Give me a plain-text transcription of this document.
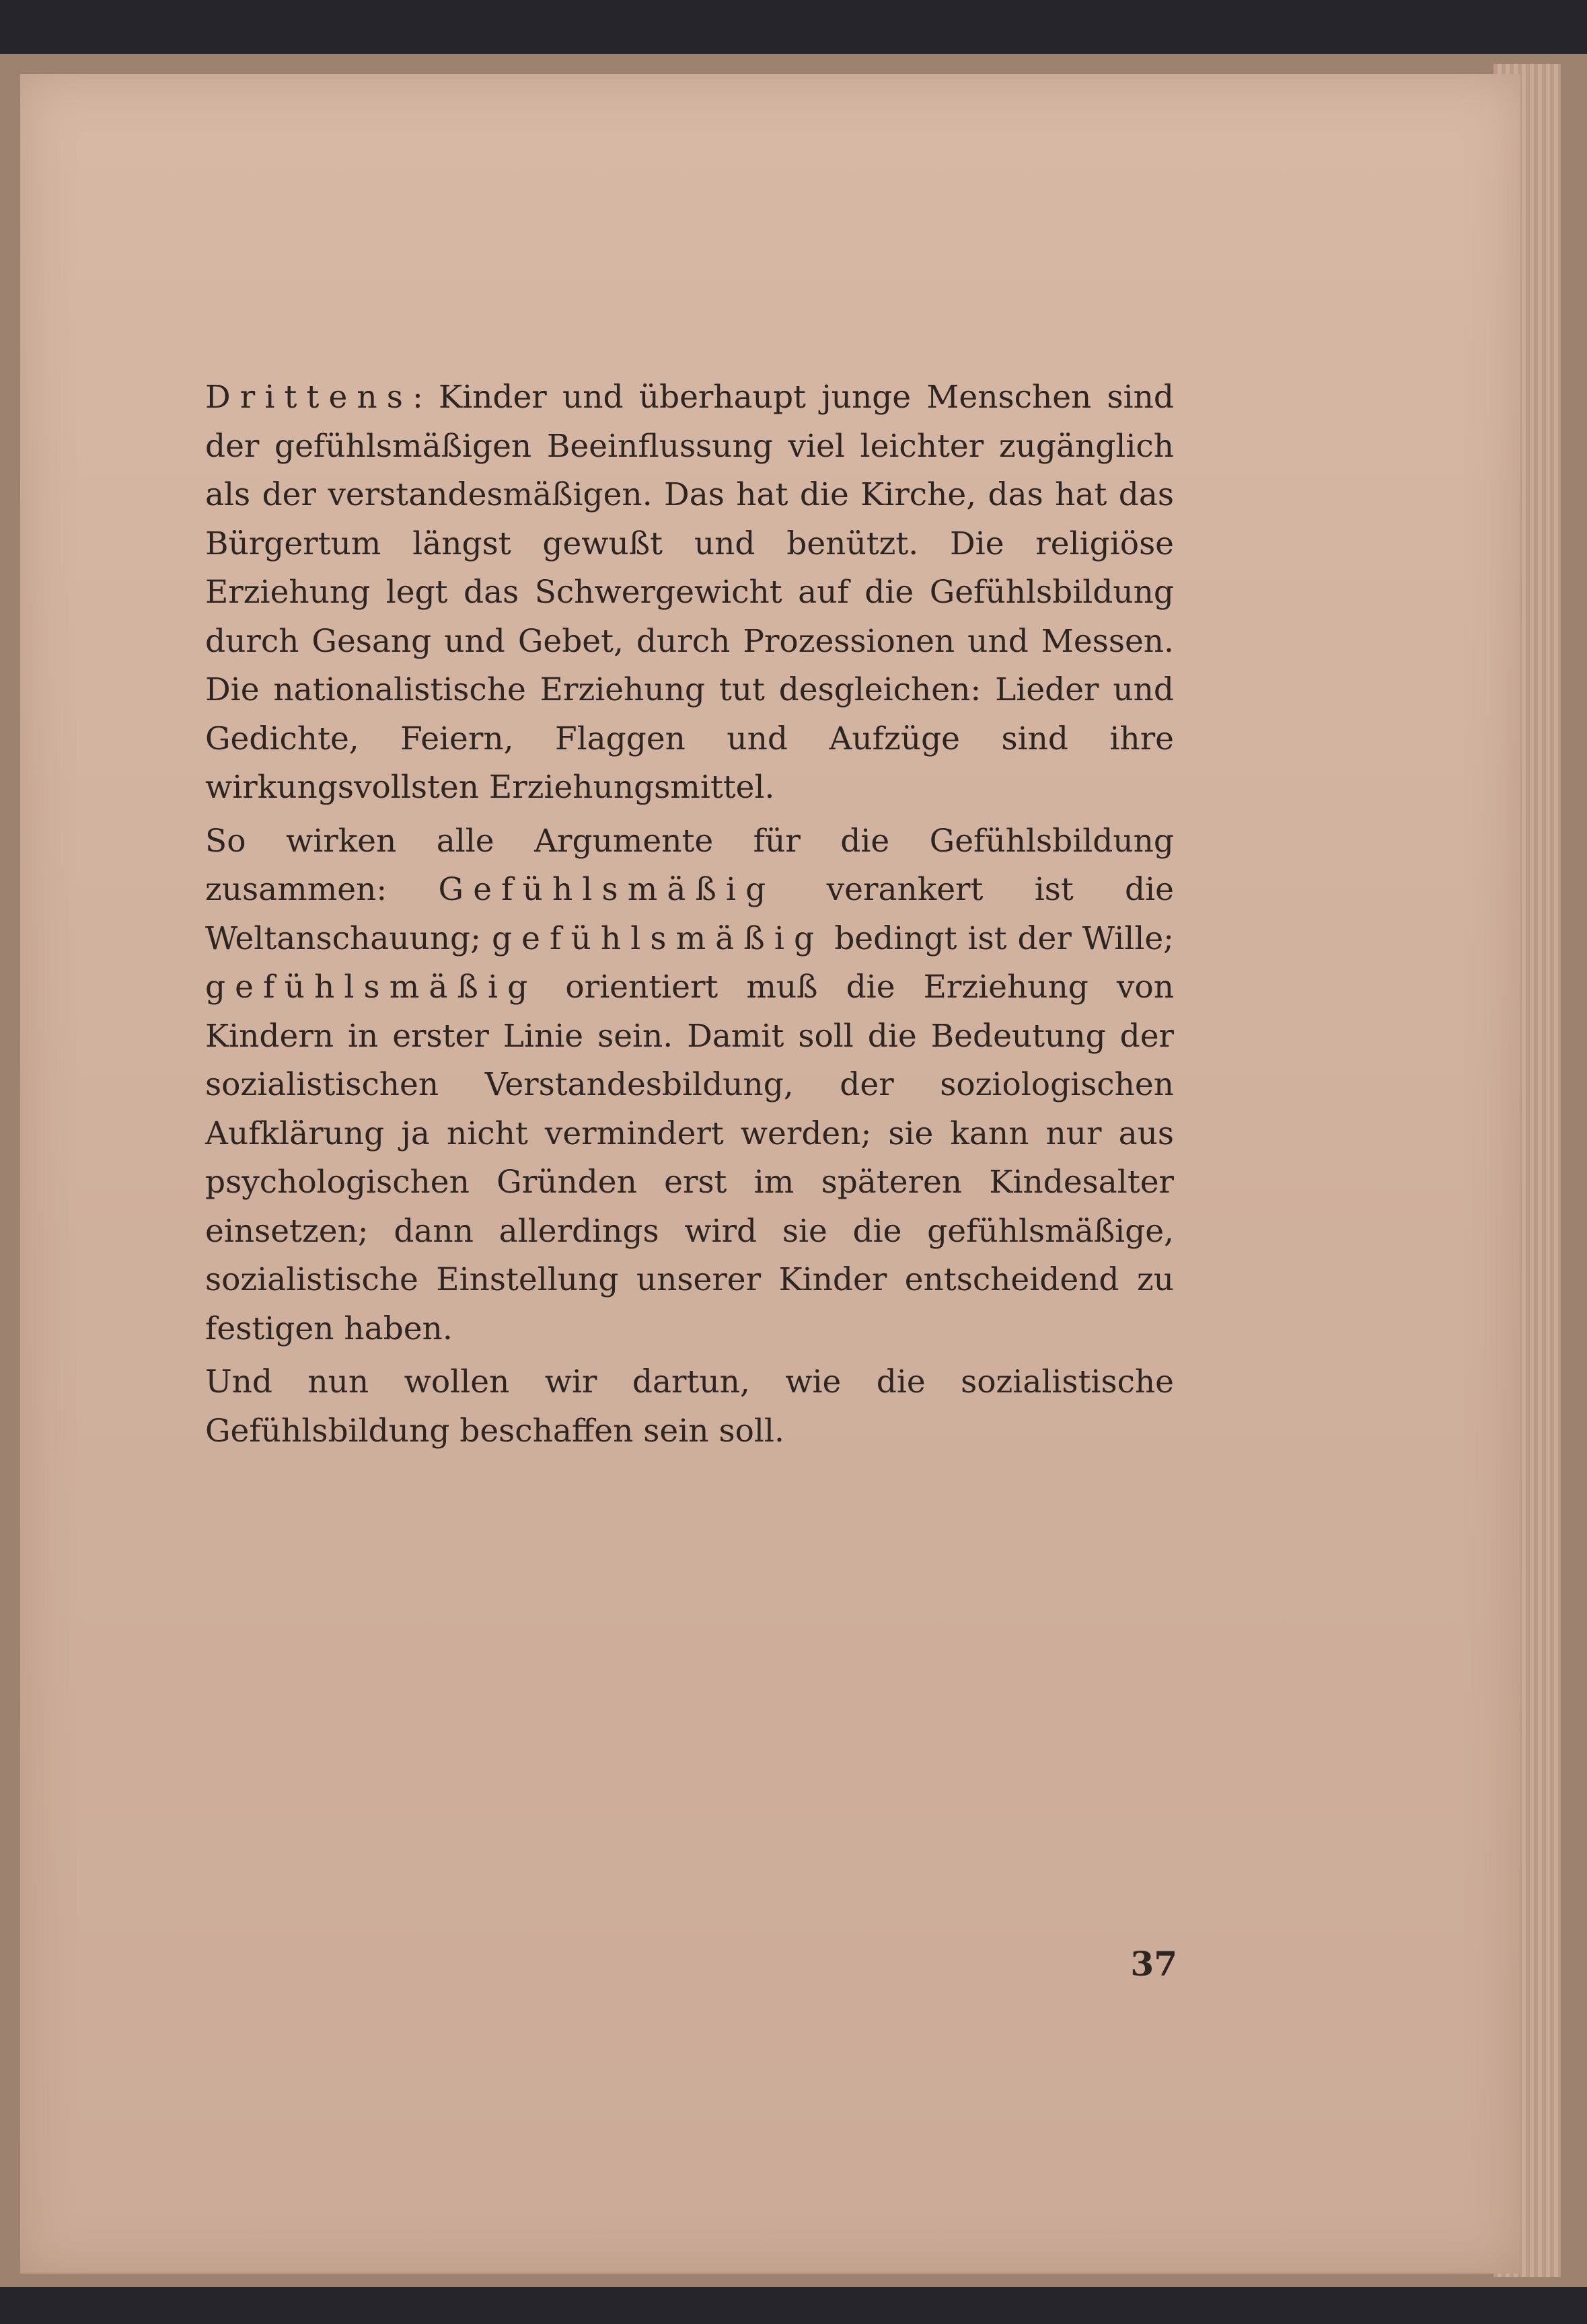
Drittens: Kinder und überhaupt junge Menschen sind der gefühlsmäßigen Beeinflussung viel leichter zugänglich als der verstandesmäßigen. Das hat die Kirche, das hat das Bürgertum längst gewußt und benützt. Die religiöse Erziehung legt das Schwergewicht auf die Gefühlsbildung durch Gesang und Gebet, durch Prozessionen und Messen. Die nationalistische Erziehung tut desgleichen: Lieder und Gedichte, Feiern, Flaggen und Aufzüge sind ihre wirkungsvollsten Erziehungsmittel.

So wirken alle Argumente für die Gefühlsbildung zusammen: Gefühlsmäßig verankert ist die Weltanschauung; gefühlsmäßig bedingt ist der Wille; gefühlsmäßig orientiert muß die Erziehung von Kindern in erster Linie sein. Damit soll die Bedeutung der sozialistischen Verstandesbildung, der soziologischen Aufklärung ja nicht vermindert werden; sie kann nur aus psychologischen Gründen erst im späteren Kindesalter einsetzen; dann allerdings wird sie die gefühlsmäßige, sozialistische Einstellung unserer Kinder entscheidend zu festigen haben.

Und nun wollen wir dartun, wie die sozialistische Gefühlsbildung beschaffen sein soll.

37
